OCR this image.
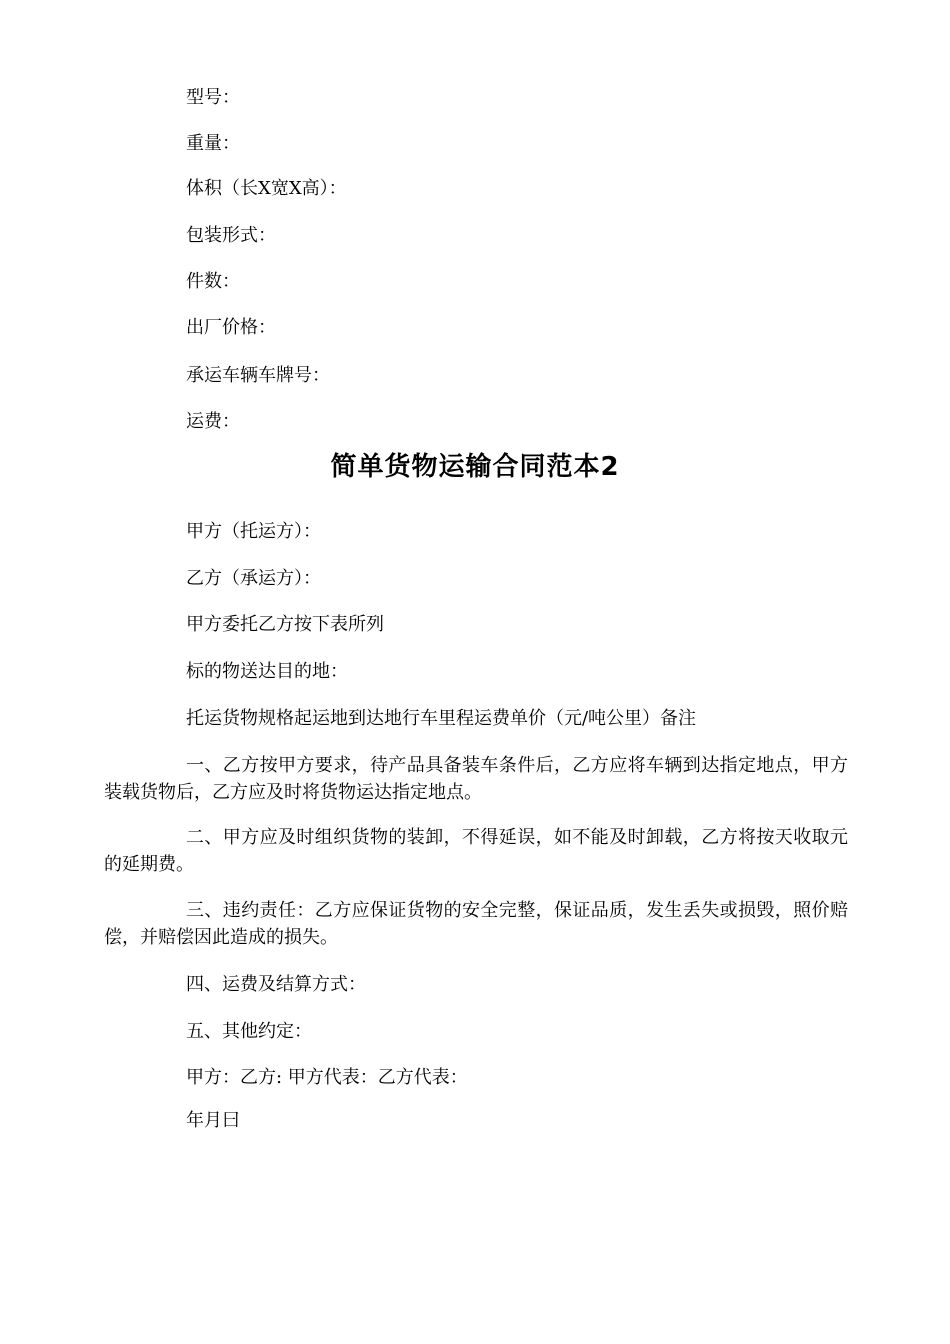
型号：
重量：
体积（长X宽X高）：
包装形式：
件数：
出厂价格：
承运车辆车牌号：
运费：
简单货物运输合同范本2
甲方（托运方）：
乙方（承运方）：
甲方委托乙方按下表所列
标的物送达目的地：
托运货物规格起运地到达地行车里程运费单价（元/吨公里）备注
一、乙方按甲方要求，待产品具备装车条件后，乙方应将车辆到达指定地点，甲方装载货物后，乙方应及时将货物运达指定地点。
二、甲方应及时组织货物的装卸，不得延误，如不能及时卸载，乙方将按天收取元的延期费。
三、违约责任：乙方应保证货物的安全完整，保证品质，发生丢失或损毁，照价赔偿，并赔偿因此造成的损失。
四、运费及结算方式：
五、其他约定：
甲方：乙方: 甲方代表：乙方代表：
年月曰
